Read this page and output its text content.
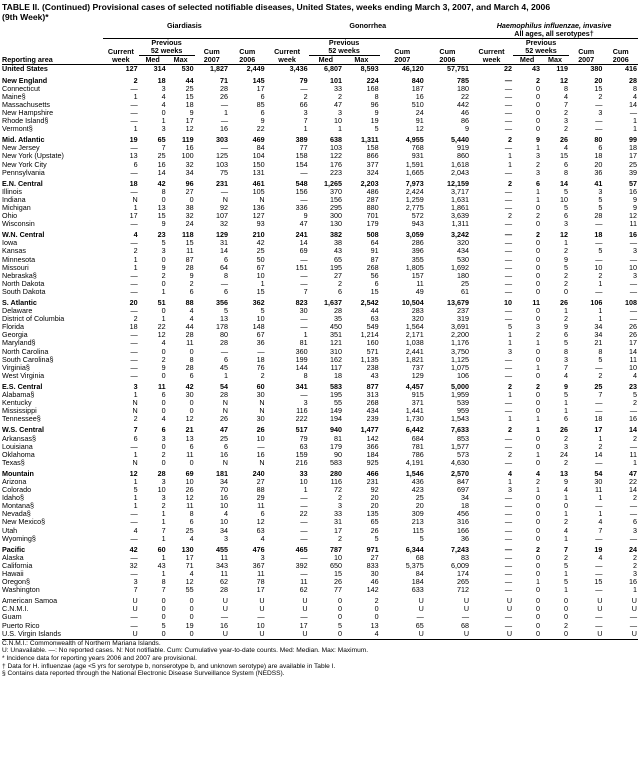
TABLE II. (Continued) Provisional cases of selected notifiable diseases, United States, weeks ending March 3, 2007, and March 4, 2006
(9th Week)*
	Giardiasis					Gonorrhea					Haemophilus influenzae, invasive				
											All ages, all serotypes†				
		Previous					Previous					Previous			
	Current	52 weeks		Cum	Cum	Current	52 weeks		Cum	Cum	Current	52 weeks		Cum	Cum
Reporting area	week	Med	Max	2007	2006	week	Med	Max	2007	2006	week	Med	Max	2007	2006
United States	127	314	530	1,827	2,449	3,436	6,807	8,593	46,120	57,751	22	43	119	380	416

New England	2	18	44	71	145	79	101	224	840	785	—	2	12	20	28
Connecticut	—	3	25	28	17	—	33	168	187	180	—	0	8	15	8
Maine§	1	4	15	26	6	2	2	8	16	22	—	0	4	2	4
Massachusetts	—	4	18	—	85	66	47	96	510	442	—	0	7	—	14
New Hampshire	—	0	9	1	6	3	3	9	24	46	—	0	2	3	—
Rhode Island§	—	1	17	—	9	7	10	19	91	86	—	0	3	—	1
Vermont§	1	3	12	16	22	1	1	5	12	9	—	0	2	—	1

Mid. Atlantic	19	65	119	303	469	389	638	1,311	4,955	5,440	2	9	26	80	99
New Jersey	—	7	16	—	84	77	103	158	768	919	—	1	4	6	18
New York (Upstate)	13	25	100	125	104	158	122	866	931	860	1	3	15	18	17
New York City	6	16	32	103	150	154	176	377	1,591	1,618	1	2	6	20	25
Pennsylvania	—	14	34	75	131	—	223	324	1,665	2,043	—	3	8	36	39

E.N. Central	18	42	96	231	461	548	1,265	2,203	7,973	12,159	2	6	14	41	57
Illinois	—	8	27	—	105	156	370	486	2,424	3,717	—	1	5	3	16
Indiana	N	0	0	N	N	—	156	287	1,259	1,631	—	1	10	5	9
Michigan	1	13	38	92	136	336	295	880	2,775	1,861	—	0	5	5	9
Ohio	17	15	32	107	127	9	300	701	572	3,639	2	2	6	28	12
Wisconsin	—	9	24	32	93	47	130	179	943	1,311	—	0	3	—	11

W.N. Central	4	23	118	129	210	241	382	508	3,059	3,242	—	2	12	18	16
Iowa	—	5	15	31	42	14	38	64	286	320	—	0	1	—	—
Kansas	2	3	11	14	25	69	43	91	396	434	—	0	2	5	3
Minnesota	1	0	87	6	50	—	65	87	355	530	—	0	9	—	—
Missouri	1	9	28	64	67	151	195	268	1,805	1,692	—	0	5	10	10
Nebraska§	—	2	9	8	10	—	27	56	157	180	—	0	2	2	3
North Dakota	—	0	2	—	1	—	2	6	11	25	—	0	2	1	—
South Dakota	—	1	6	6	15	7	6	15	49	61	—	0	0	—	—

S. Atlantic	20	51	88	356	362	823	1,637	2,542	10,504	13,679	10	11	26	106	108
Delaware	—	0	4	5	5	30	28	44	283	237	—	0	1	1	—
District of Columbia	2	1	4	13	10	—	35	63	320	319	—	0	2	1	—
Florida	18	22	44	178	148	—	450	549	1,564	3,691	5	3	9	34	26
Georgia	—	12	28	80	67	1	351	1,214	2,171	2,200	1	2	6	34	26
Maryland§	—	4	11	28	36	81	121	160	1,038	1,176	1	1	5	21	17
North Carolina	—	0	0	—	—	360	310	571	2,441	3,750	3	0	8	8	14
South Carolina§	—	2	8	6	18	199	162	1,135	1,821	1,125	—	0	3	5	11
Virginia§	—	9	28	45	76	144	117	238	737	1,075	—	1	7	—	10
West Virginia	—	0	6	1	2	8	18	43	129	106	—	0	4	2	4

E.S. Central	3	11	42	54	60	341	583	877	4,457	5,000	2	2	9	25	23
Alabama§	1	6	30	28	30	—	195	313	915	1,959	1	0	5	7	5
Kentucky	N	0	0	N	N	3	55	268	371	539	—	0	1	—	2
Mississippi	N	0	0	N	N	116	149	434	1,441	959	—	0	1	—	—
Tennessee§	2	4	12	26	30	222	194	239	1,730	1,543	1	1	6	18	16

W.S. Central	7	6	21	47	26	517	940	1,477	6,442	7,633	2	1	26	17	14
Arkansas§	6	3	13	25	10	79	81	142	684	853	—	0	2	1	2
Louisiana	—	0	6	6	—	63	179	366	781	1,577	—	0	3	2	—
Oklahoma	1	2	11	16	16	159	90	184	786	573	2	1	24	14	11
Texas§	N	0	0	N	N	216	583	925	4,191	4,630	—	0	2	—	1

Mountain	12	28	69	181	240	33	280	466	1,546	2,570	4	4	13	54	47
Arizona	1	3	10	34	27	10	116	231	436	847	1	2	9	30	22
Colorado	5	10	26	70	88	1	72	92	423	697	3	1	4	11	14
Idaho§	1	3	12	16	29	—	2	20	25	34	—	0	1	1	2
Montana§	1	2	11	10	11	—	3	20	20	18	—	0	0	—	—
Nevada§	—	1	8	4	6	22	33	135	309	456	—	0	1	1	—
New Mexico§	—	1	6	10	12	—	31	65	213	316	—	0	2	4	6
Utah	4	7	25	34	63	—	17	26	115	166	—	0	4	7	3
Wyoming§	—	1	4	3	4	—	2	5	5	36	—	0	1	—	—

Pacific	42	60	130	455	476	465	787	971	6,344	7,243	—	2	7	19	24
Alaska	—	1	17	11	3	—	10	27	68	83	—	0	2	4	2
California	32	43	71	343	367	392	650	833	5,375	6,009	—	0	5	—	2
Hawaii	—	1	4	11	11	—	15	30	84	174	—	0	1	—	3
Oregon§	3	8	12	62	78	11	26	46	184	265	—	1	5	15	16
Washington	7	7	55	28	17	62	77	142	633	712	—	0	1	—	1

American Samoa	U	0	0	U	U	U	0	2	U	U	U	0	0	U	U
C.N.M.I.	U	0	0	U	U	U	0	0	U	U	U	0	0	U	U
Guam	—	0	0	—	—	—	0	0	—	—	—	0	0	—	—
Puerto Rico	—	5	19	16	10	17	5	13	65	68	—	0	2	—	—
U.S. Virgin Islands	U	0	0	U	U	U	0	4	U	U	U	0	0	U	U
C.N.M.I.: Commonwealth of Northern Mariana Islands.
U: Unavailable. —: No reported cases. N: Not notifiable. Cum: Cumulative year-to-date counts. Med: Median. Max: Maximum.
* Incidence data for reporting years 2006 and 2007 are provisional.
† Data for H. influenzae (age <5 yrs for serotype b, nonserotype b, and unknown serotype) are available in Table I.
§ Contains data reported through the National Electronic Disease Surveillance System (NEDSS).
